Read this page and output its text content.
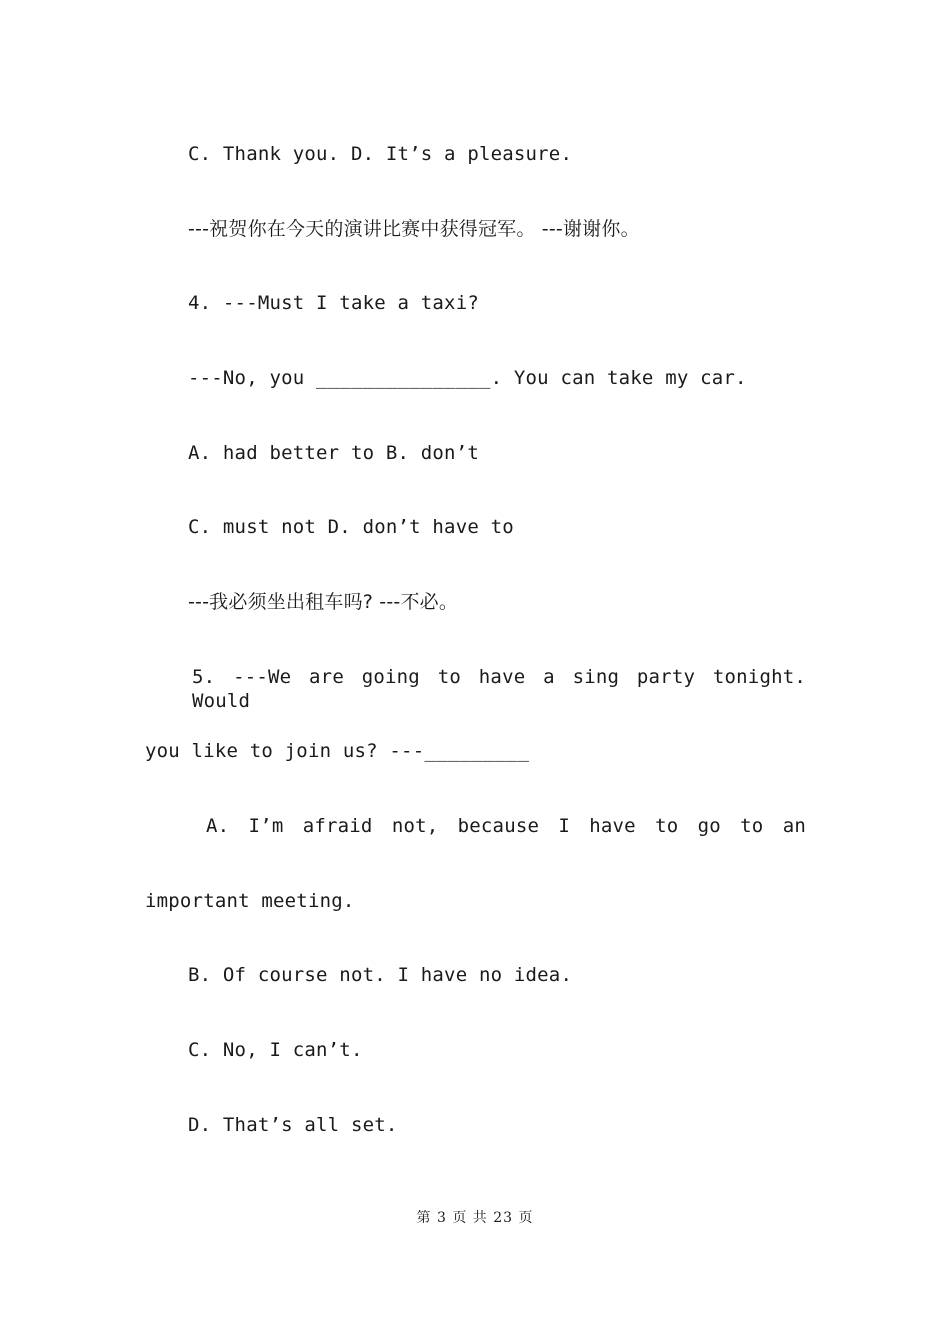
C. Thank you. D. It’s a pleasure.
---祝贺你在今天的演讲比赛中获得冠军。 ---谢谢你。
4. ---Must I take a taxi?
---No, you _______________. You can take my car.
A. had better to B. don’t
C. must not D. don’t have to
---我必须坐出租车吗? ---不必。
5. ---We are going to have a sing party tonight. Would
you like to join us? ---_________
A. I’m afraid not, because I have to go to an
important meeting.
B. Of course not. I have no idea.
C. No, I can’t.
D. That’s all set.
第 3 页 共 23 页
